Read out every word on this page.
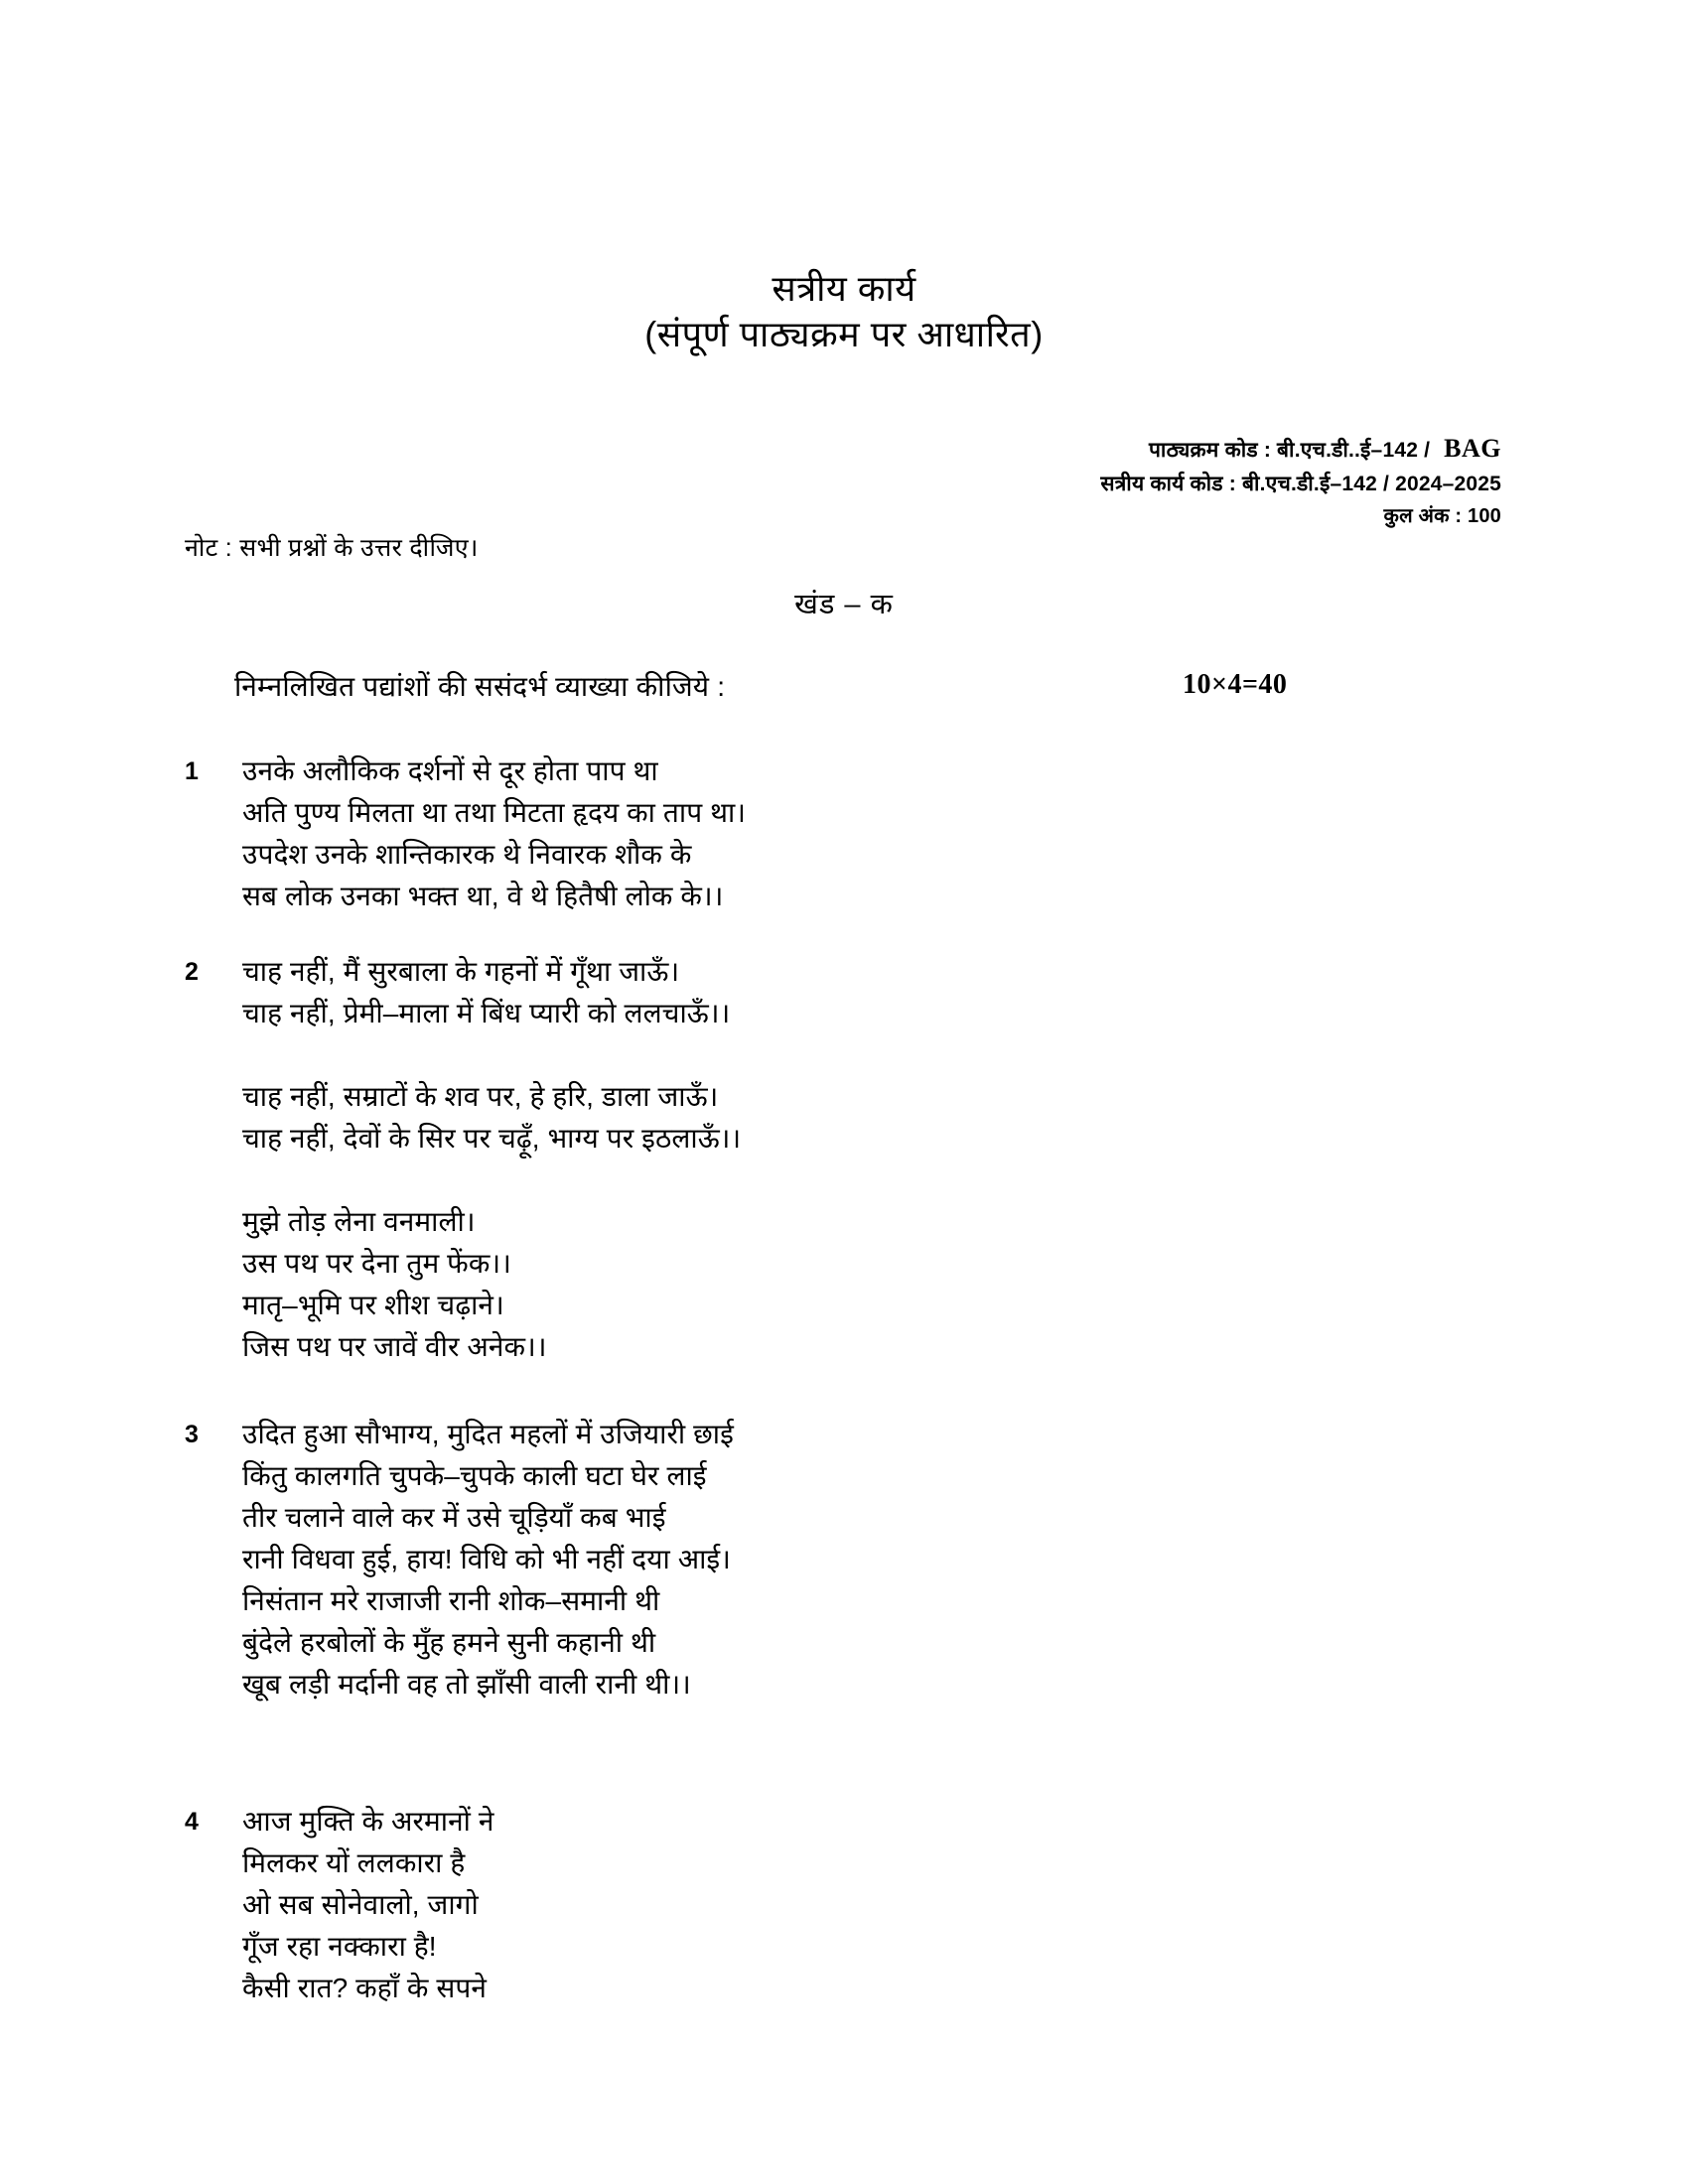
सत्रीय कार्य
(संपूर्ण पाठ्यक्रम पर आधारित)
पाठ्यक्रम कोड : बी.एच.डी..ई–142 / BAG
सत्रीय कार्य कोड : बी.एच.डी.ई–142 / 2024–2025
कुल अंक : 100
नोट : सभी प्रश्नों के उत्तर दीजिए।
खंड – क
निम्नलिखित पद्यांशों की ससंदर्भ व्याख्या कीजिये :	10×4=40
1	उनके अलौकिक दर्शनों से दूर होता पाप था
अति पुण्य मिलता था तथा मिटता हृदय का ताप था।
उपदेश उनके शान्तिकारक थे निवारक शौक के
सब लोक उनका भक्त था, वे थे हितैषी लोक के।।
2	चाह नहीं, मैं सुरबाला के गहनों में गूँथा जाऊँ।
चाह नहीं, प्रेमी–माला में बिंध प्यारी को ललचाऊँ।।
चाह नहीं, सम्राटों के शव पर, हे हरि, डाला जाऊँ।
चाह नहीं, देवों के सिर पर चढ़ूँ, भाग्य पर इठलाऊँ।।
मुझे तोड़ लेना वनमाली।
उस पथ पर देना तुम फेंक।।
मातृ–भूमि पर शीश चढ़ाने।
जिस पथ पर जावें वीर अनेक।।
3	उदित हुआ सौभाग्य, मुदित महलों में उजियारी छाई
किंतु कालगति चुपके–चुपके काली घटा घेर लाई
तीर चलाने वाले कर में उसे चूड़ियाँ कब भाई
रानी विधवा हुई, हाय! विधि को भी नहीं दया आई।
निसंतान मरे राजाजी रानी शोक–समानी थी
बुंदेले हरबोलों के मुँह हमने सुनी कहानी थी
खूब लड़ी मर्दानी वह तो झाँसी वाली रानी थी।।
4	आज मुक्ति के अरमानों ने
मिलकर यों ललकारा है
ओ सब सोनेवालो, जागो
गूँज रहा नक्कारा है!
कैसी रात? कहाँ के सपने
